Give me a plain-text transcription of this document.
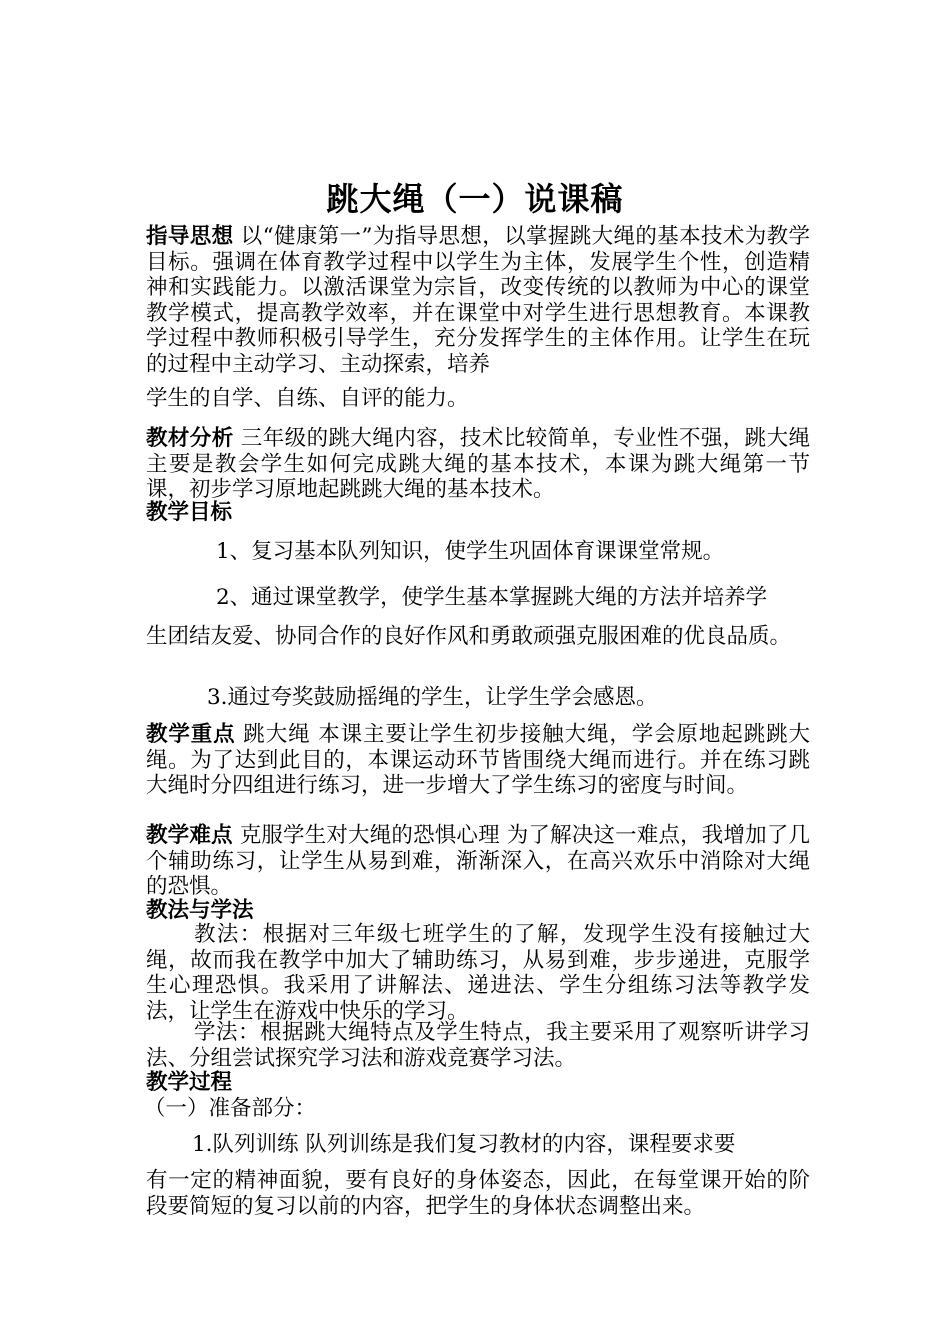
跳大绳（一）说课稿
指导思想 以“健康第一”为指导思想，以掌握跳大绳的基本技术为教学目标。强调在体育教学过程中以学生为主体，发展学生个性，创造精神和实践能力。以激活课堂为宗旨，改变传统的以教师为中心的课堂教学模式，提高教学效率，并在课堂中对学生进行思想教育。本课教学过程中教师积极引导学生，充分发挥学生的主体作用。让学生在玩的过程中主动学习、主动探索，培养
学生的自学、自练、自评的能力。
教材分析 三年级的跳大绳内容，技术比较简单，专业性不强，跳大绳主要是教会学生如何完成跳大绳的基本技术，本课为跳大绳第一节课，初步学习原地起跳跳大绳的基本技术。
教学目标
1、复习基本队列知识，使学生巩固体育课课堂常规。
2、通过课堂教学，使学生基本掌握跳大绳的方法并培养学
生团结友爱、协同合作的良好作风和勇敢顽强克服困难的优良品质。
3.通过夸奖鼓励摇绳的学生，让学生学会感恩。
教学重点 跳大绳 本课主要让学生初步接触大绳，学会原地起跳跳大绳。为了达到此目的，本课运动环节皆围绕大绳而进行。并在练习跳大绳时分四组进行练习，进一步增大了学生练习的密度与时间。
教学难点 克服学生对大绳的恐惧心理 为了解决这一难点，我增加了几个辅助练习，让学生从易到难，渐渐深入，在高兴欢乐中消除对大绳的恐惧。
教法与学法
教法：根据对三年级七班学生的了解，发现学生没有接触过大绳，故而我在教学中加大了辅助练习，从易到难，步步递进，克服学生心理恐惧。我采用了讲解法、递进法、学生分组练习法等教学发法，让学生在游戏中快乐的学习。
学法：根据跳大绳特点及学生特点，我主要采用了观察听讲学习法、分组尝试探究学习法和游戏竞赛学习法。
教学过程
（一）准备部分：
1.队列训练 队列训练是我们复习教材的内容，课程要求要
有一定的精神面貌，要有良好的身体姿态，因此，在每堂课开始的阶段要简短的复习以前的内容，把学生的身体状态调整出来。
